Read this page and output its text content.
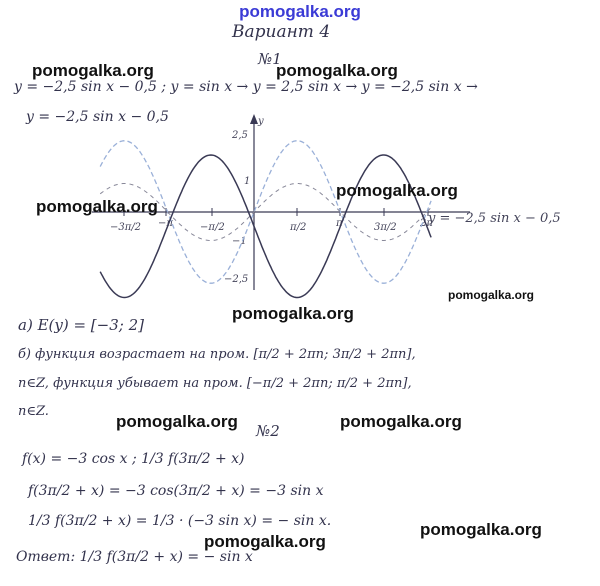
pomogalka.org
Вариант 4
№1
y = −2,5 sin x − 0,5 ; y = sin x → y = 2,5 sin x → y = −2,5 sin x →
y = −2,5 sin x − 0,5	y
2,5
1
−1
−2,5
−3π/2 −π	−π/2	π/2	π	3π/2 2π
y = −2,5 sin x − 0,5
а) E(y) = [−3; 2]
б) функция возрастает на пром. [π/2 + 2πn; 3π/2 + 2πn],
n∈Z, функция убывает на пром. [−π/2 + 2πn; π/2 + 2πn],
n∈Z.
№2
f(x) = −3 cos x ; 1/3 f(3π/2 + x)
f(3π/2 + x) = −3 cos(3π/2 + x) = −3 sin x
1/3 f(3π/2 + x) = 1/3 · (−3 sin x) = − sin x.
Ответ: 1/3 f(3π/2 + x) = − sin x
pomogalka.org	pomogalka.org
pomogalka.org
pomogalka.org
pomogalka.org
pomogalka.org
pomogalka.org	pomogalka.org
pomogalka.org
pomogalka.org
